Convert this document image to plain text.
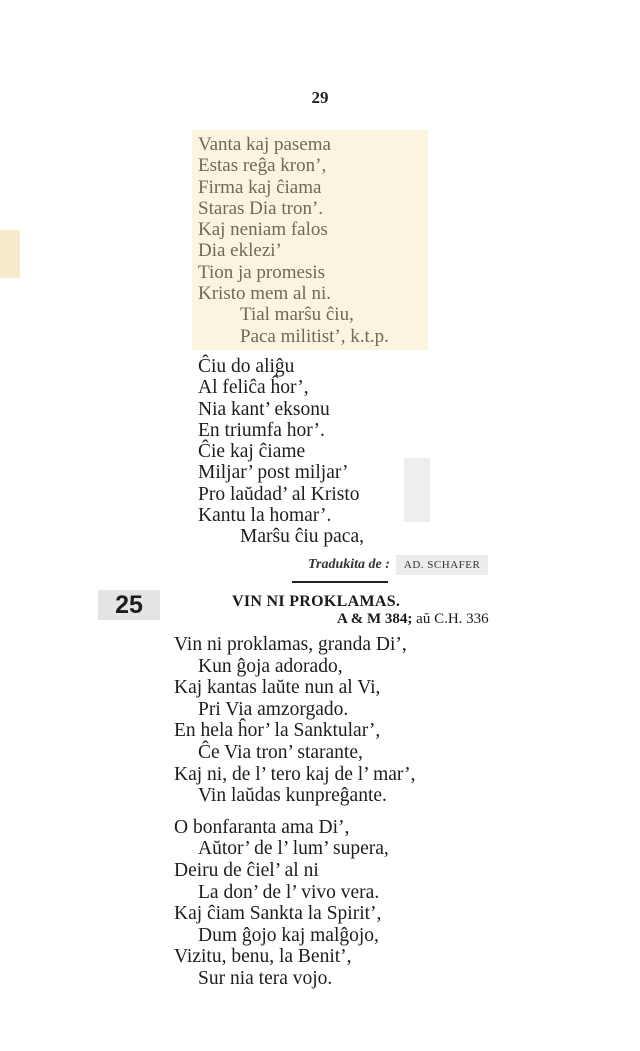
29
Vanta kaj pasema
Estas reĝa kron’,
Firma kaj ĉiama
Staras Dia tron’.
Kaj neniam falos
Dia eklezi’
Tion ja promesis
Kristo mem al ni.
Tial marŝu ĉiu,
Paca militist’, k.t.p.
Ĉiu do aliĝu
Al feliĉa ĥor’,
Nia kant’ eksonu
En triumfa hor’.
Ĉie kaj ĉiame
Miljar’ post miljar’
Pro laŭdad’ al Kristo
Kantu la homar’.
Marŝu ĉiu paca,
Tradukita de : AD. SCHAFER
25	VIN NI PROKLAMAS.
A & M 384; aŭ C.H. 336
Vin ni proklamas, granda Di’,
Kun ĝoja adorado,
Kaj kantas laŭte nun al Vi,
Pri Via amzorgado.
En hela ĥor’ la Sanktular’,
Ĉe Via tron’ starante,
Kaj ni, de l’ tero kaj de l’ mar’,
Vin laŭdas kunpreĝante.
O bonfaranta ama Di’,
Aŭtor’ de l’ lum’ supera,
Deiru de ĉiel’ al ni
La don’ de l’ vivo vera.
Kaj ĉiam Sankta la Spirit’,
Dum ĝojo kaj malĝojo,
Vizitu, benu, la Benit’,
Sur nia tera vojo.
